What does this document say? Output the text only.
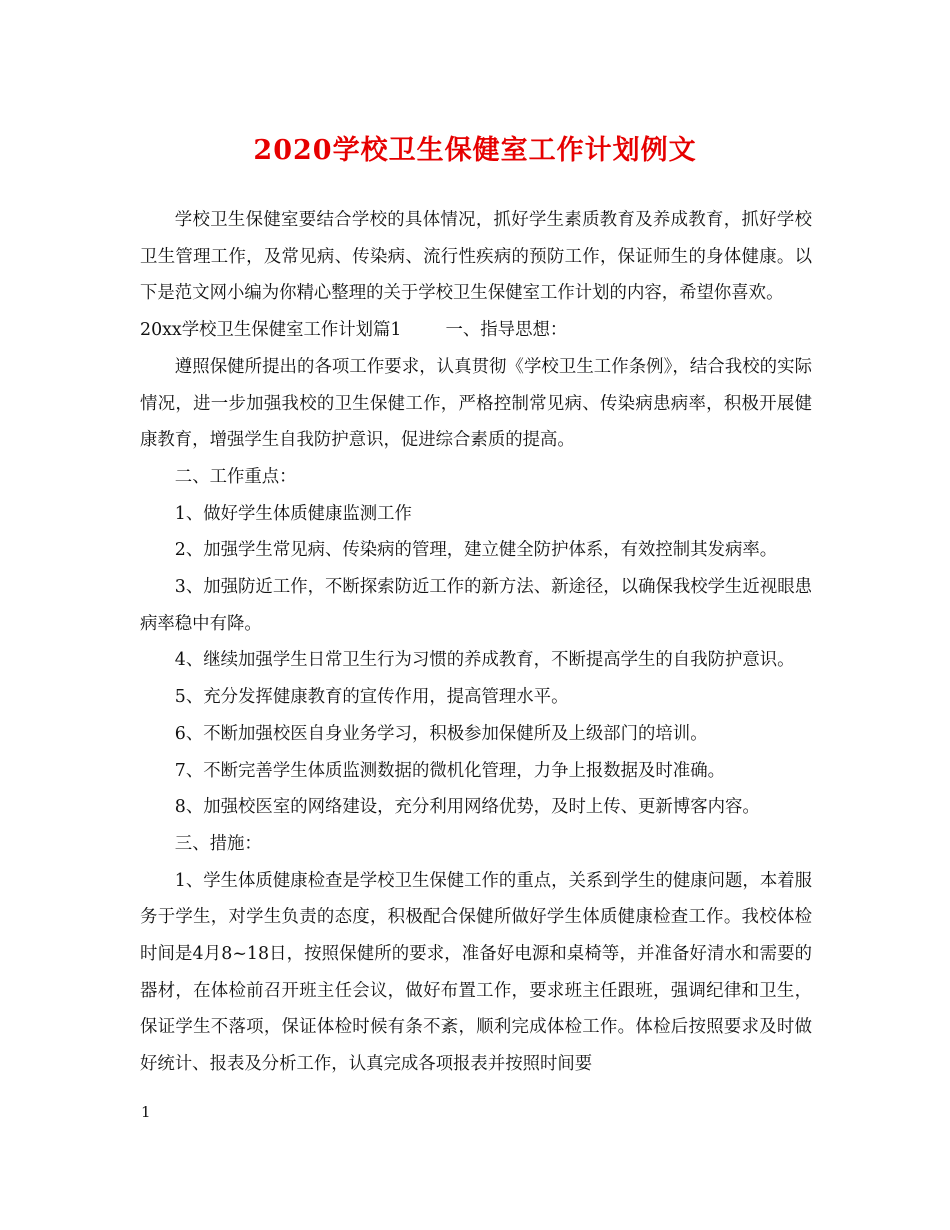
2020学校卫生保健室工作计划例文

学校卫生保健室要结合学校的具体情况，抓好学生素质教育及养成教育，抓好学校卫生管理工作，及常见病、传染病、流行性疾病的预防工作，保证师生的身体健康。以下是范文网小编为你精心整理的关于学校卫生保健室工作计划的内容，希望你喜欢。

20xx学校卫生保健室工作计划篇1	一、指导思想：

遵照保健所提出的各项工作要求，认真贯彻《学校卫生工作条例》，结合我校的实际情况，进一步加强我校的卫生保健工作，严格控制常见病、传染病患病率，积极开展健康教育，增强学生自我防护意识，促进综合素质的提高。

二、工作重点：

1、做好学生体质健康监测工作

2、加强学生常见病、传染病的管理，建立健全防护体系，有效控制其发病率。

3、加强防近工作，不断探索防近工作的新方法、新途径，以确保我校学生近视眼患病率稳中有降。

4、继续加强学生日常卫生行为习惯的养成教育，不断提高学生的自我防护意识。

5、充分发挥健康教育的宣传作用，提高管理水平。

6、不断加强校医自身业务学习，积极参加保健所及上级部门的培训。

7、不断完善学生体质监测数据的微机化管理，力争上报数据及时准确。

8、加强校医室的网络建设，充分利用网络优势，及时上传、更新博客内容。

三、措施：

1、学生体质健康检查是学校卫生保健工作的重点，关系到学生的健康问题，本着服务于学生，对学生负责的态度，积极配合保健所做好学生体质健康检查工作。我校体检时间是4月8~18日，按照保健所的要求，准备好电源和桌椅等，并准备好清水和需要的器材，在体检前召开班主任会议，做好布置工作，要求班主任跟班，强调纪律和卫生，保证学生不落项，保证体检时候有条不紊，顺利完成体检工作。体检后按照要求及时做好统计、报表及分析工作，认真完成各项报表并按照时间要

1
